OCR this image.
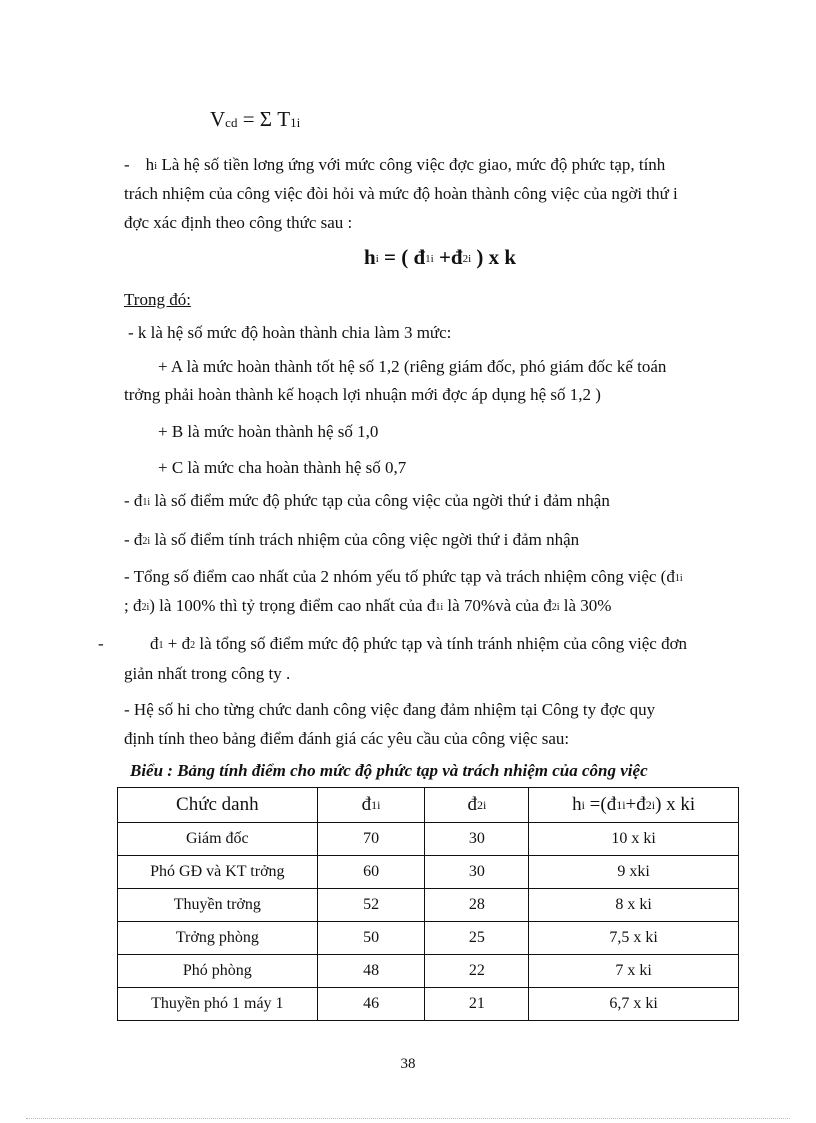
Vcd = Σ T1i
- hi Là hệ số tiền lơng ứng với mức công việc đợc giao, mức độ phức tạp, tính
trách nhiệm của công việc đòi hỏi và mức độ hoàn thành công việc của ngời thứ i
đợc xác định theo công thức sau :
hi = ( đ1i +đ2i ) x k
Trong đó:
- k là hệ số mức độ hoàn thành chia làm 3 mức:
+ A là mức hoàn thành tốt hệ số 1,2 (riêng giám đốc, phó giám đốc kế toán
trởng phải hoàn thành kế hoạch lợi nhuận mới đợc áp dụng hệ số 1,2 )
+ B là mức hoàn thành hệ số 1,0
+ C là mức cha hoàn thành hệ số 0,7
- đ1i là số điểm mức độ phức tạp của công việc của ngời thứ i đảm nhận
- đ2i là số điểm tính trách nhiệm của công việc ngời thứ i đảm nhận
- Tổng số điểm cao nhất của 2 nhóm yếu tố phức tạp và trách nhiệm công việc (đ1i
; đ2i) là 100% thì tỷ trọng điểm cao nhất của đ1i là 70%và của đ2i là 30%
-	đ1 + đ2 là tổng số điểm mức độ phức tạp và tính tránh nhiệm của công việc đơn
giản nhất trong công ty .
- Hệ số hi cho từng chức danh công việc đang đảm nhiệm tại Công ty đợc quy
định tính theo bảng điểm đánh giá các yêu cầu của công việc sau:
Biểu : Bảng tính điểm cho mức độ phức tạp và trách nhiệm của công việc
Chức danh	đ1i	đ2i	hi =(đ1i+đ2i) x ki
Giám đốc	70	30	10 x ki
Phó GĐ và KT trởng	60	30	9 xki
Thuyền trởng	52	28	8 x ki
Trởng phòng	50	25	7,5 x ki
Phó phòng	48	22	7 x ki
Thuyền phó 1 máy 1	46	21	6,7 x ki
38
